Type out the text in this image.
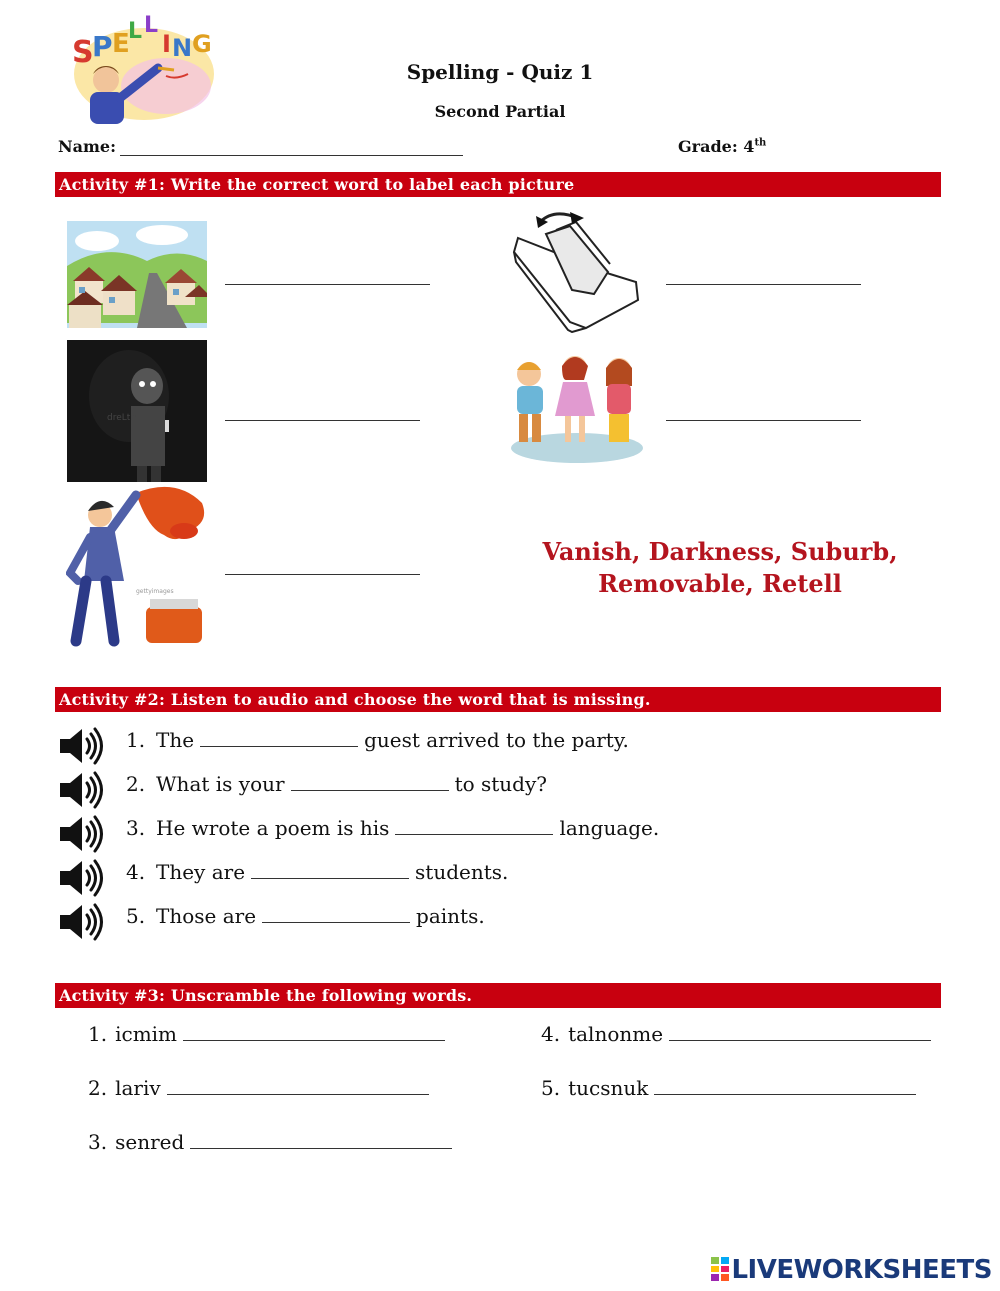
S
P E
L L
I N G
Spelling - Quiz 1
Second Partial
Name:	Grade: 4th
Activity #1: Write the correct word to label each picture
dreLtm
gettyimages
Vanish, Darkness, Suburb,
Removable, Retell
Activity #2: Listen to audio and choose the word that is missing.
1. The	guest arrived to the party.
2. What is your	to study?
3. He wrote a poem is his	language.
4. They are	students.
5. Those are	paints.
Activity #3: Unscramble the following words.
1. icmim
2. lariv
3. senred
4. talnonme
5. tucsnuk
LIVEWORKSHEETS
